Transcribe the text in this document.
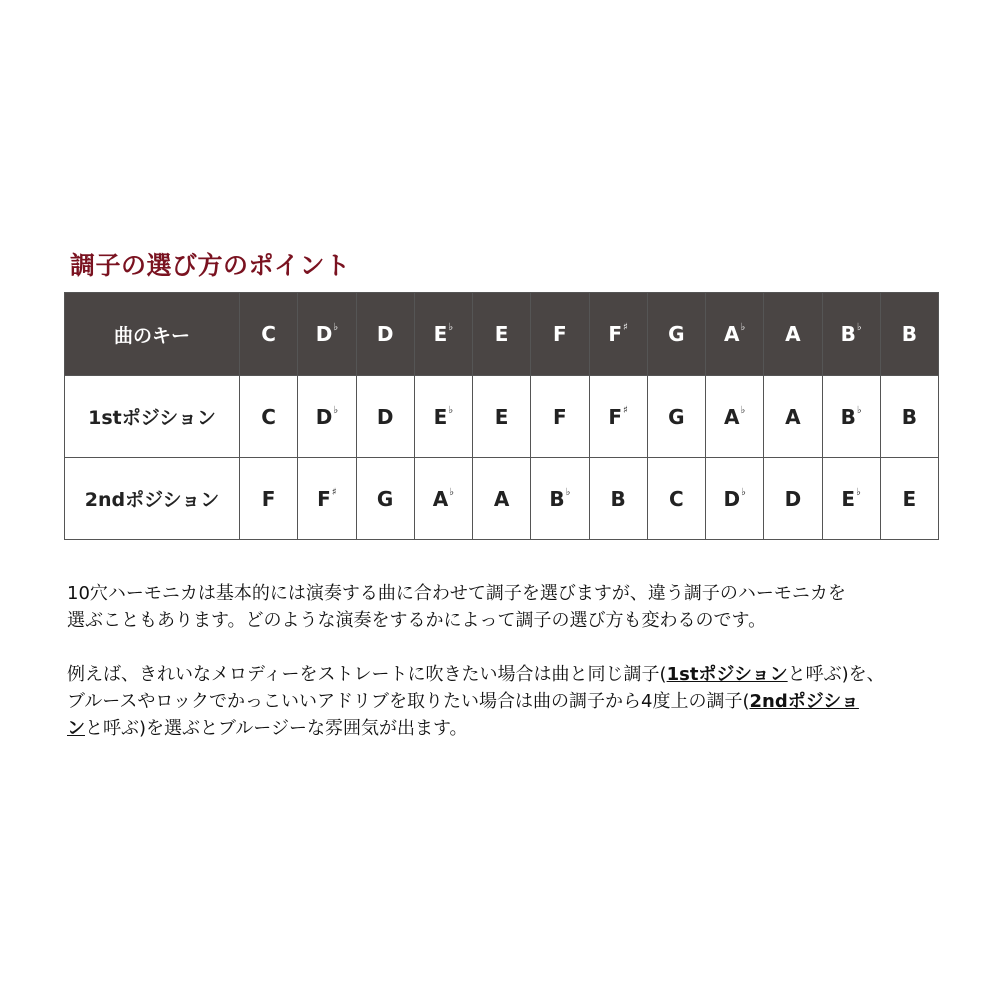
調子の選び方のポイント
曲のキー	C	D♭	D	E♭	E	F	F♯	G	A♭	A	B♭	B
1stポジション	C	D♭	D	E♭	E	F	F♯	G	A♭	A	B♭	B
2ndポジション	F	F♯	G	A♭	A	B♭	B	C	D♭	D	E♭	E

10穴ハーモニカは基本的には演奏する曲に合わせて調子を選びますが、違う調子のハーモニカを
選ぶこともあります。どのような演奏をするかによって調子の選び方も変わるのです。

例えば、きれいなメロディーをストレートに吹きたい場合は曲と同じ調子(1stポジションと呼ぶ)を、
ブルースやロックでかっこいいアドリブを取りたい場合は曲の調子から4度上の調子(2ndポジショ
ンと呼ぶ)を選ぶとブルージーな雰囲気が出ます。
